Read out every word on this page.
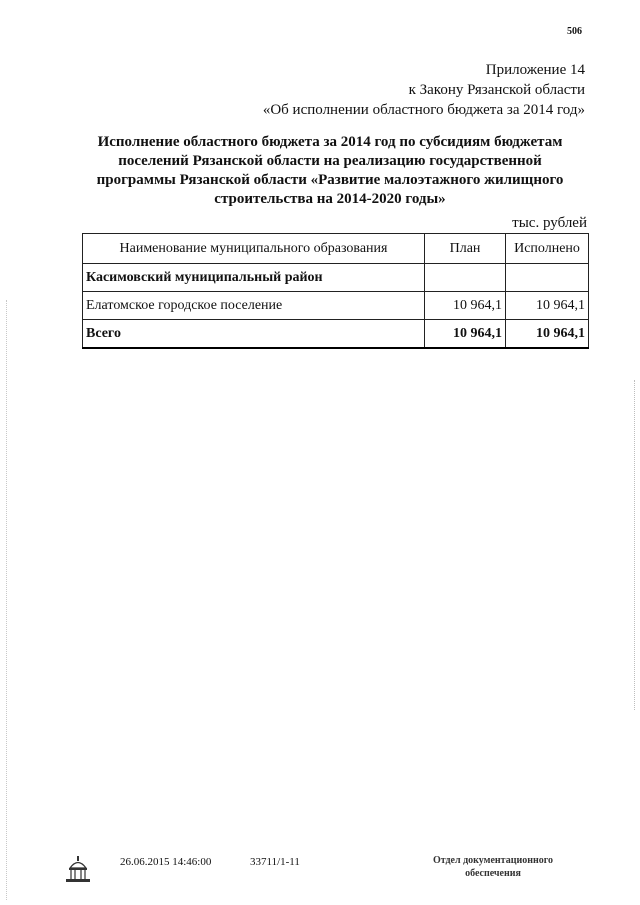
506
Приложение 14
к Закону Рязанской области
«Об исполнении областного бюджета за 2014 год»
Исполнение областного бюджета за 2014 год по субсидиям бюджетам
поселений Рязанской области на реализацию государственной
программы Рязанской области «Развитие малоэтажного жилищного
строительства на 2014-2020 годы»
тыс. рублей
Наименование муниципального образования	План	Исполнено
Касимовский муниципальный район		
Елатомское городское поселение	10 964,1	10 964,1
Всего	10 964,1	10 964,1
26.06.2015 14:46:00	33711/1-11	Отдел документационного
обеспечения
